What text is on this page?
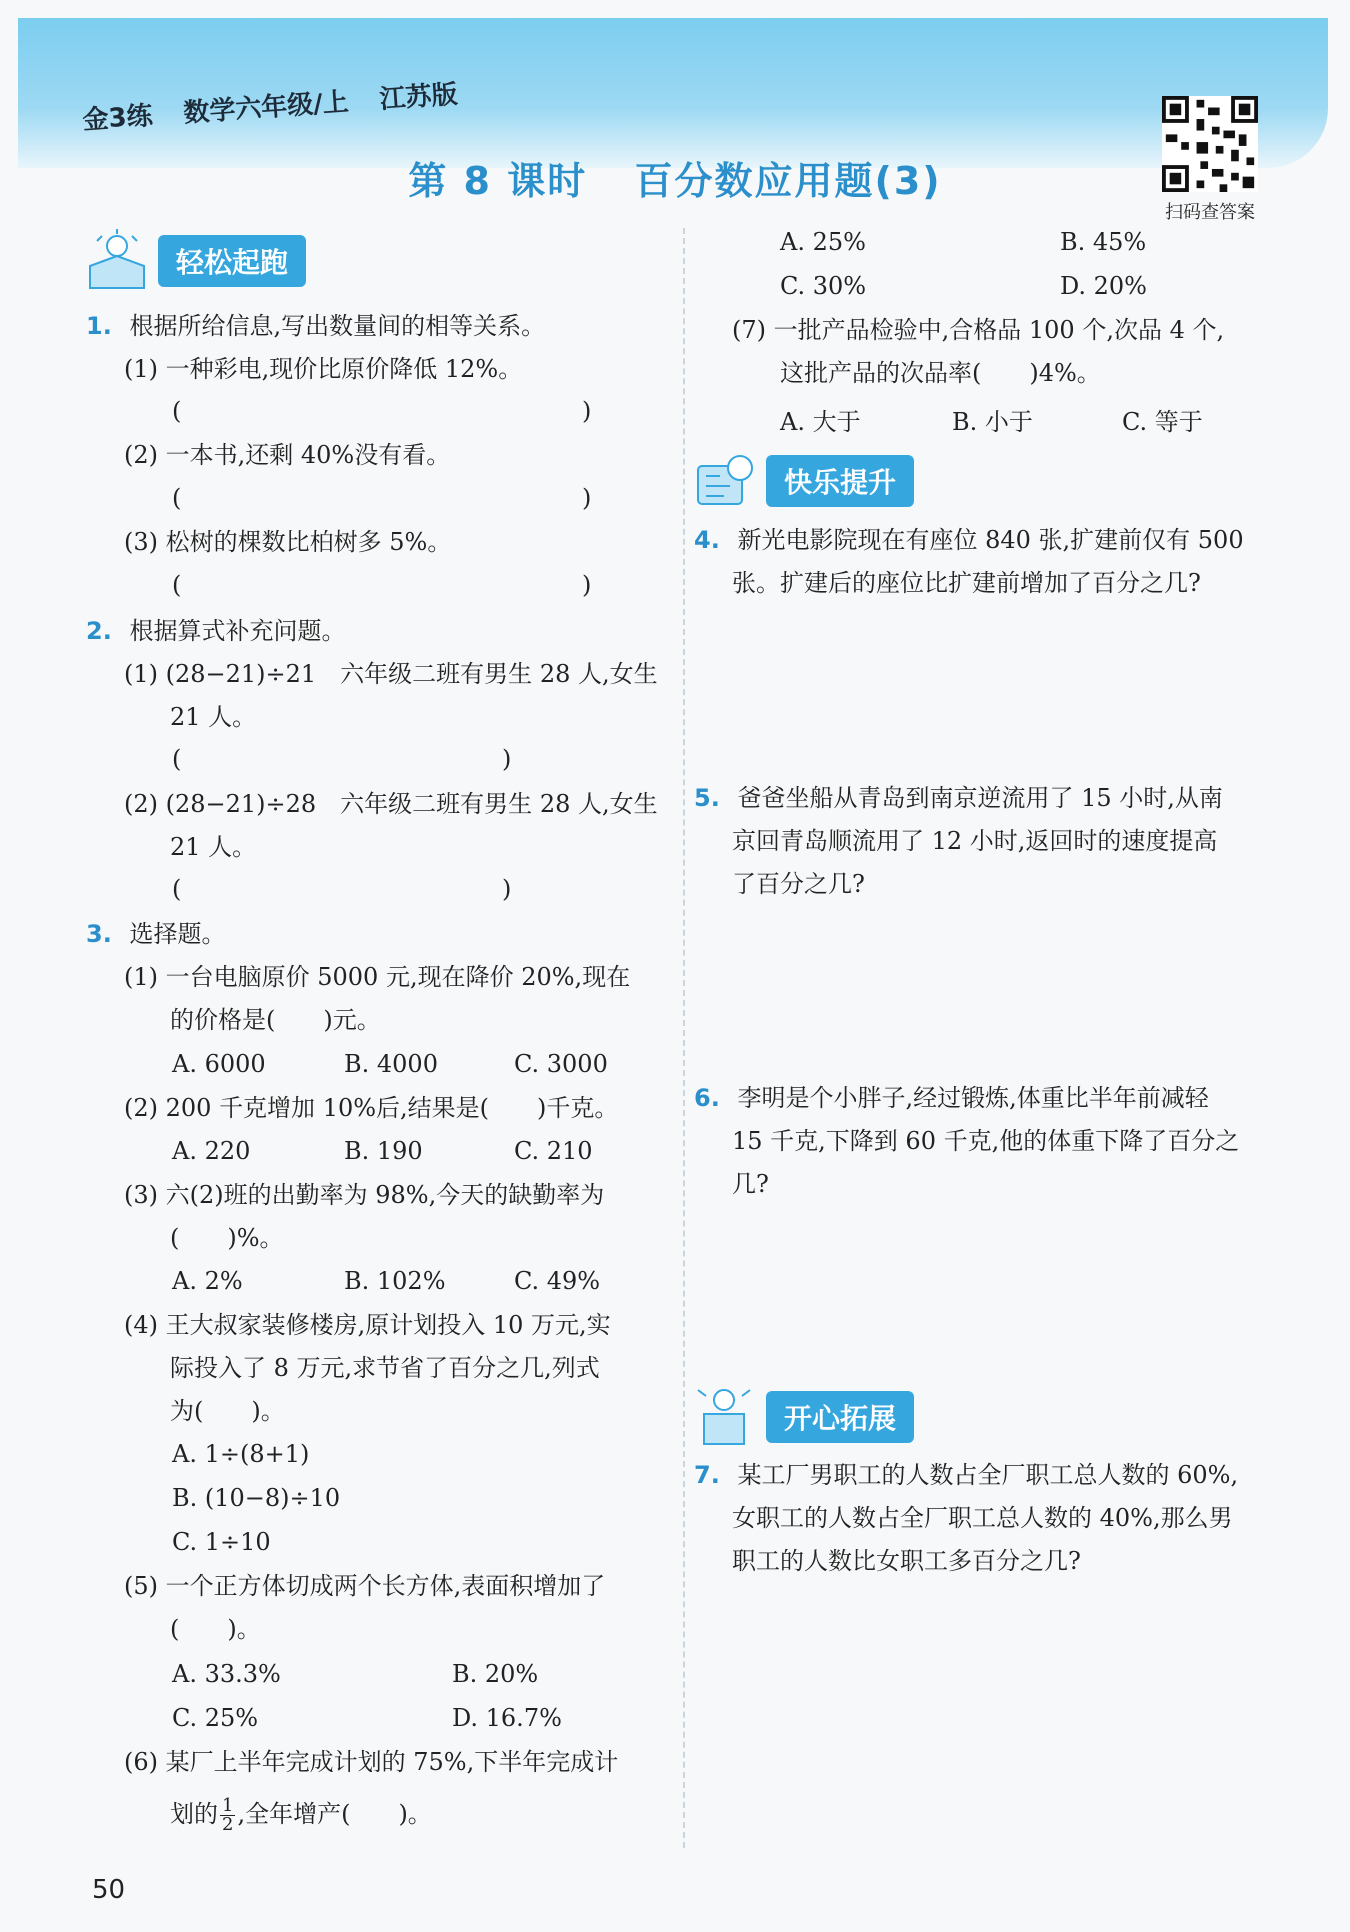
金3练 数学六年级/上 江苏版
第 8 课时 百分数应用题(3)
扫码查答案
轻松起跑
1. 根据所给信息,写出数量间的相等关系。
(1) 一种彩电,现价比原价降低 12%。
(	)
(2) 一本书,还剩 40%没有看。
(	)
(3) 松树的棵数比柏树多 5%。
(	)
2. 根据算式补充问题。
(1) (28−21)÷21　六年级二班有男生 28 人,女生
21 人。
(	)
(2) (28−21)÷28　六年级二班有男生 28 人,女生
21 人。
(	)
3. 选择题。
(1) 一台电脑原价 5000 元,现在降价 20%,现在
的价格是(　　)元。
A. 6000	B. 4000	C. 3000
(2) 200 千克增加 10%后,结果是(　　)千克。
A. 220	B. 190	C. 210
(3) 六(2)班的出勤率为 98%,今天的缺勤率为
(　　)%。
A. 2%	B. 102%	C. 49%
(4) 王大叔家装修楼房,原计划投入 10 万元,实
际投入了 8 万元,求节省了百分之几,列式
为(　　)。
A. 1÷(8+1)
B. (10−8)÷10
C. 1÷10
(5) 一个正方体切成两个长方体,表面积增加了
(　　)。
A. 33.3%	B. 20%
C. 25%	D. 16.7%
(6) 某厂上半年完成计划的 75%,下半年完成计
划的 $\frac{1}{2}$ ,全年增产(　　)。
A. 25%	B. 45%
C. 30%	D. 20%
(7) 一批产品检验中,合格品 100 个,次品 4 个,
这批产品的次品率(　　)4%。
A. 大于	B. 小于	C. 等于
快乐提升
4. 新光电影院现在有座位 840 张,扩建前仅有 500
张。扩建后的座位比扩建前增加了百分之几?
5. 爸爸坐船从青岛到南京逆流用了 15 小时,从南
京回青岛顺流用了 12 小时,返回时的速度提高
了百分之几?
6. 李明是个小胖子,经过锻炼,体重比半年前减轻
15 千克,下降到 60 千克,他的体重下降了百分之
几?
开心拓展
7. 某工厂男职工的人数占全厂职工总人数的 60%,
女职工的人数占全厂职工总人数的 40%,那么男
职工的人数比女职工多百分之几?
50
